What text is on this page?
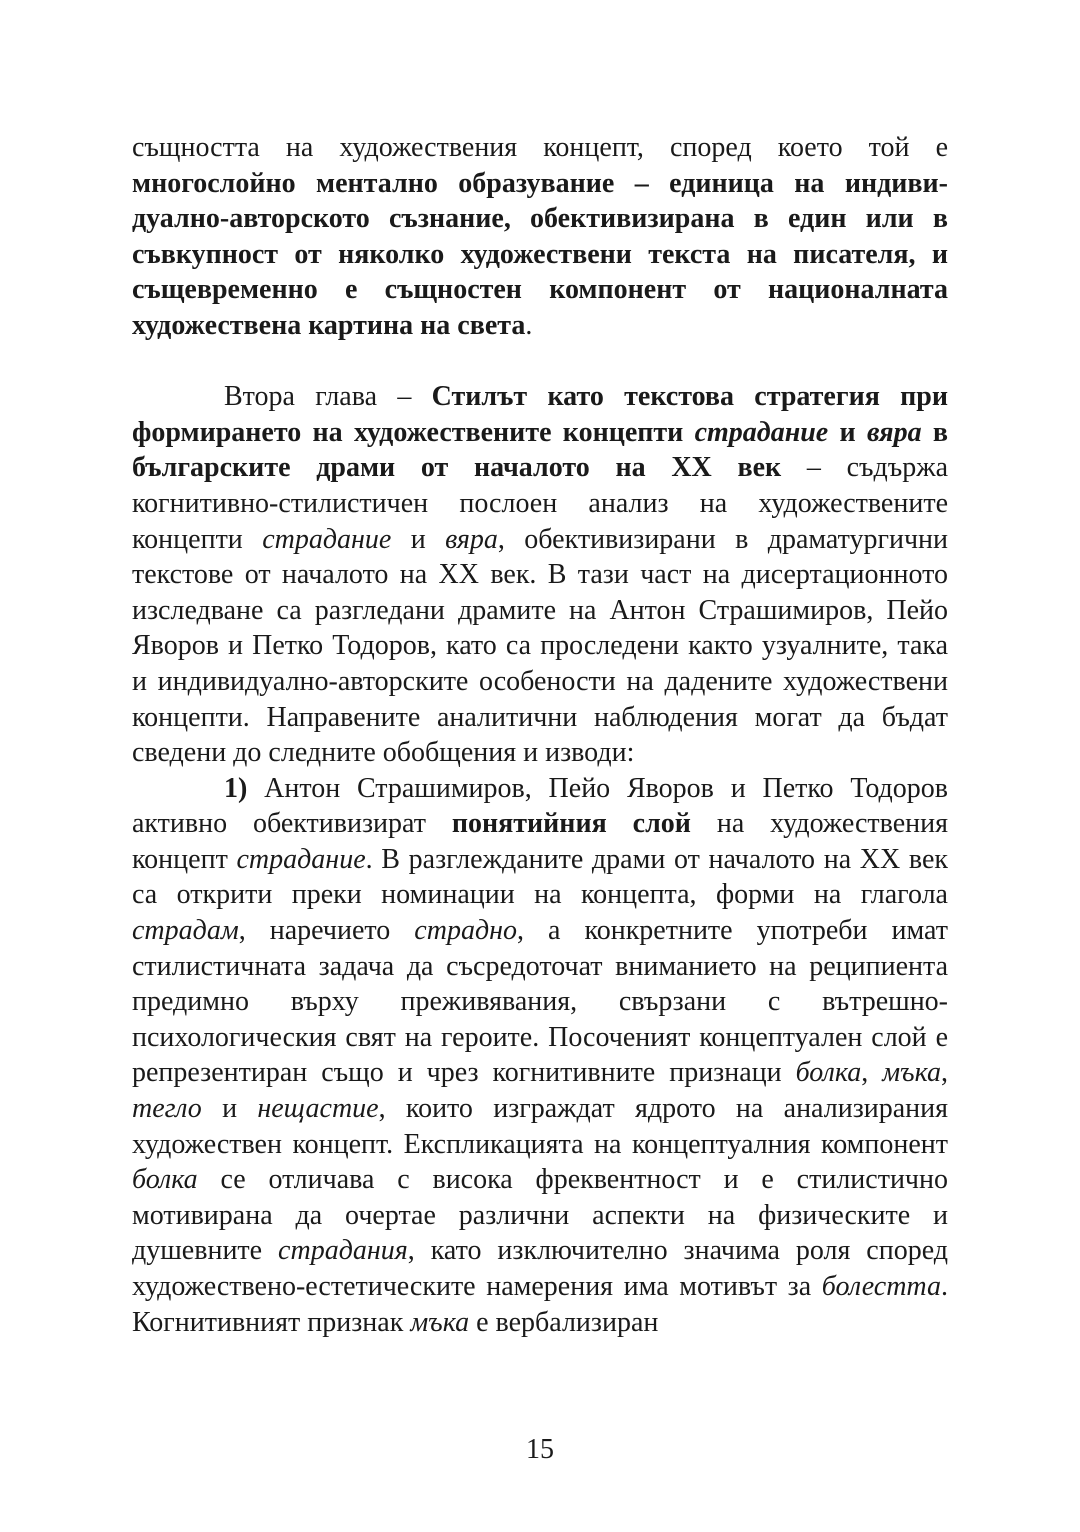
същността на художествения концепт, според което той е многослойно ментално образувание – единица на индивидуално-авторското съзнание, обективизирана в един или в съвкупност от няколко художествени текста на писателя, и същевременно е същностен компонент от националната художествена картина на света.

Втора глава – Стилът като текстова стратегия при формирането на художествените концепти страдание и вяра в българските драми от началото на XX век – съдържа когнитивно-стилистичен послоен анализ на художествените концепти страдание и вяра, обективизирани в драматургични текстове от началото на XX век. В тази част на дисертационното изследване са разгледани драмите на Антон Страшимиров, Пейо Яворов и Петко Тодоров, като са проследени както узуалните, така и индивидуално-авторските особености на дадените художествени концепти. Направените аналитични наблюдения могат да бъдат сведени до следните обобщения и изводи:

1) Антон Страшимиров, Пейо Яворов и Петко Тодоров активно обективизират понятийния слой на художествения концепт страдание. В разглежданите драми от началото на XX век са открити преки номинации на концепта, форми на глагола страдам, наречието страдно, а конкретните употреби имат стилистичната задача да съсредоточат вниманието на реципиента предимно върху преживявания, свързани с вътрешно-психологическия свят на героите. Посоченият концептуален слой е репрезентиран също и чрез когнитивните признаци болка, мъка, тегло и нещастие, които изграждат ядрото на анализирания художествен концепт. Експликацията на концептуалния компонент болка се отличава с висока фреквентност и е стилистично мотивирана да очертае различни аспекти на физическите и душевните страдания, като изключително значима роля според художествено-естетическите намерения има мотивът за болестта. Когнитивният признак мъка е вербализиран

15
